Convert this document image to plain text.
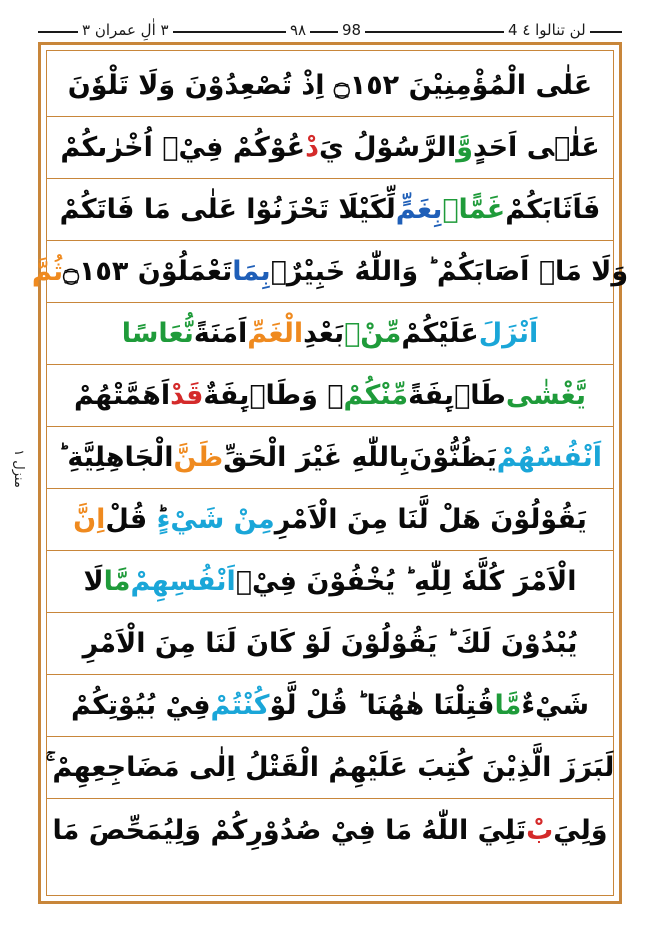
٣ اٰلِ عمران ٣	٩٨ 98	4 لن تنالوا ٤
منزل ١
عَلٰى الْمُؤْمِنِيْنَ ۝١٥٢ اِذْ تُصْعِدُوْنَ وَلَا تَلْوٗنَ
عَلٰۤى اَحَدٍ
وَّ
الرَّسُوْلُ يَ
دْ
عُوْكُمْ فِيْۤ اُخْرٰىكُمْ
فَاَثَابَكُمْ
غَمًّاۢ
بِغَمٍّ
لِّكَيْلَا تَحْزَنُوْا عَلٰى مَا فَاتَكُمْ
وَلَا مَاۤ اَصَابَكُمْ ؕ وَاللّٰهُ خَبِيْرٌۢ
بِمَا
تَعْمَلُوْنَ ۝١٥٣
ثُمَّ
اَنْزَلَ
عَلَيْكُمْ
مِّنْۢ
بَعْدِ
الْغَمِّ
اَمَنَةً
نُّعَاسًا
يَّغْشٰى
طَاۤىِٕفَةً
مِّنْكُمْ
ۙ وَطَاۤىِٕفَةٌ
قَدْ
اَهَمَّتْهُمْ
اَنْفُسُهُمْ
يَظُنُّوْنَ
بِاللّٰهِ غَيْرَ الْحَقِّ
ظَنَّ
الْجَاهِلِيَّةِ ؕ
يَقُوْلُوْنَ هَلْ لَّنَا مِنَ الْاَمْرِ
مِنْ شَيْءٍ
ؕ قُلْ
اِنَّ
الْاَمْرَ كُلَّهٗ لِلّٰهِ ؕ يُخْفُوْنَ فِيْۤ
اَنْفُسِهِمْ
مَّا
لَا
يُبْدُوْنَ لَكَ ؕ يَقُوْلُوْنَ لَوْ كَانَ لَنَا مِنَ الْاَمْرِ
شَيْءٌ
مَّا
قُتِلْنَا هٰهُنَا ؕ قُلْ لَّوْ
كُنْتُمْ
فِيْ بُيُوْتِكُمْ
لَبَرَزَ الَّذِيْنَ كُتِبَ عَلَيْهِمُ الْقَتْلُ اِلٰى مَضَاجِعِهِمْ ۚ
وَلِيَ
بْ
تَلِيَ اللّٰهُ مَا فِيْ صُدُوْرِكُمْ وَلِيُمَحِّصَ مَا
